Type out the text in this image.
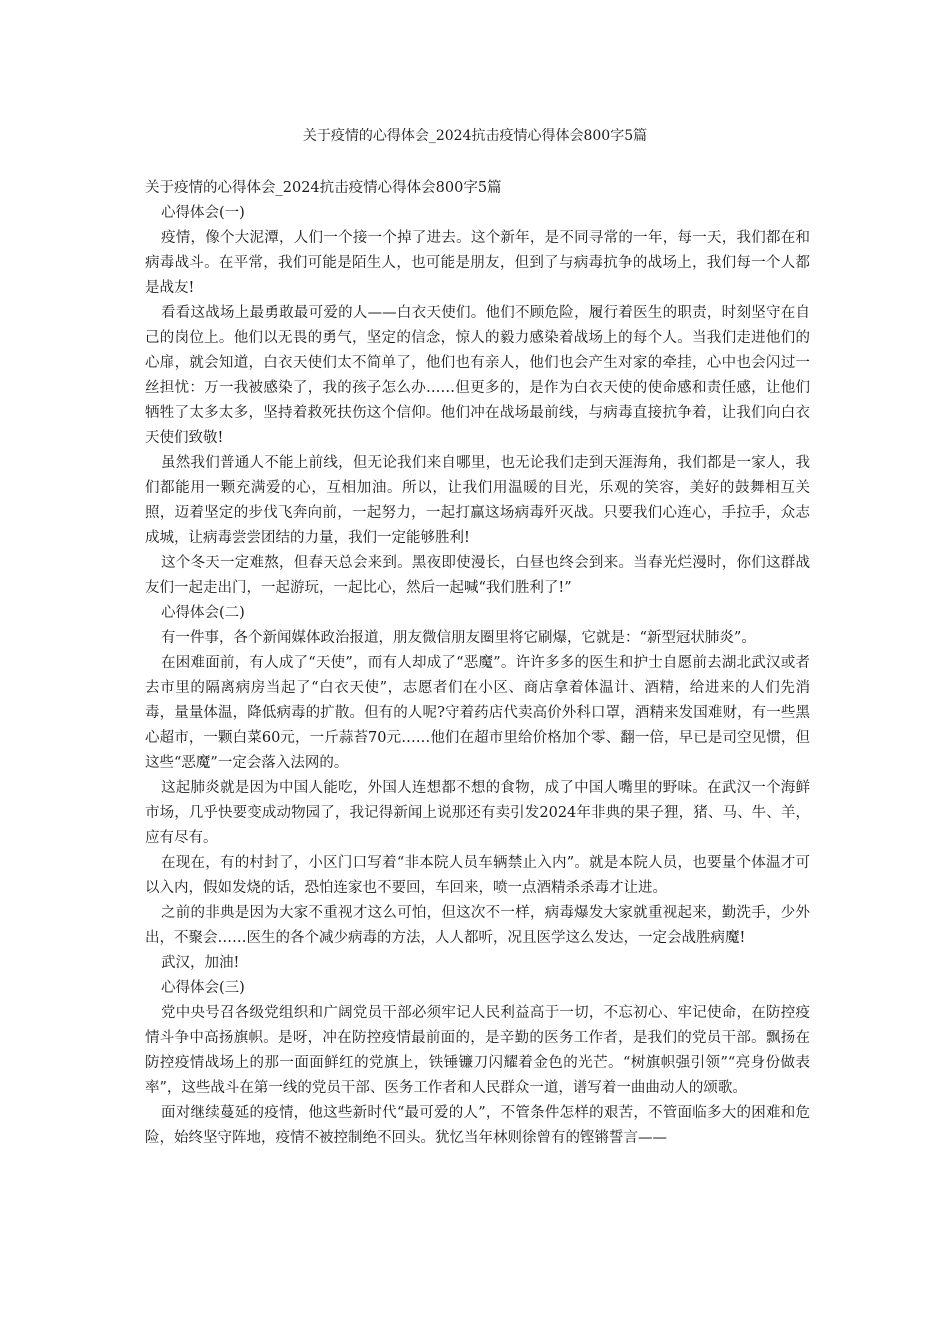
关于疫情的心得体会_2024抗击疫情心得体会800字5篇

关于疫情的心得体会_2024抗击疫情心得体会800字5篇

心得体会(一)

疫情，像个大泥潭，人们一个接一个掉了进去。这个新年，是不同寻常的一年，每一天，我们都在和病毒战斗。在平常，我们可能是陌生人，也可能是朋友，但到了与病毒抗争的战场上，我们每一个人都是战友!

看看这战场上最勇敢最可爱的人——白衣天使们。他们不顾危险，履行着医生的职责，时刻坚守在自己的岗位上。他们以无畏的勇气，坚定的信念，惊人的毅力感染着战场上的每个人。当我们走进他们的心扉，就会知道，白衣天使们太不简单了，他们也有亲人，他们也会产生对家的牵挂，心中也会闪过一丝担忧：万一我被感染了，我的孩子怎么办……但更多的，是作为白衣天使的使命感和责任感，让他们牺牲了太多太多，坚持着救死扶伤这个信仰。他们冲在战场最前线，与病毒直接抗争着，让我们向白衣天使们致敬!

虽然我们普通人不能上前线，但无论我们来自哪里，也无论我们走到天涯海角，我们都是一家人，我们都能用一颗充满爱的心，互相加油。所以，让我们用温暖的目光，乐观的笑容，美好的鼓舞相互关照，迈着坚定的步伐飞奔向前，一起努力，一起打赢这场病毒歼灭战。只要我们心连心，手拉手，众志成城，让病毒尝尝团结的力量，我们一定能够胜利!

这个冬天一定难熬，但春天总会来到。黑夜即使漫长，白昼也终会到来。当春光烂漫时，你们这群战友们一起走出门，一起游玩，一起比心，然后一起喊“我们胜利了!”

心得体会(二)

有一件事，各个新闻媒体政治报道，朋友微信朋友圈里将它刷爆，它就是：“新型冠状肺炎”。

在困难面前，有人成了“天使”，而有人却成了“恶魔”。许许多多的医生和护士自愿前去湖北武汉或者去市里的隔离病房当起了“白衣天使”，志愿者们在小区、商店拿着体温计、酒精，给进来的人们先消毒，量量体温，降低病毒的扩散。但有的人呢?守着药店代卖高价外科口罩，酒精来发国难财，有一些黑心超市，一颗白菜60元，一斤蒜苔70元……他们在超市里给价格加个零、翻一倍，早已是司空见惯，但这些“恶魔”一定会落入法网的。

这起肺炎就是因为中国人能吃，外国人连想都不想的食物，成了中国人嘴里的野味。在武汉一个海鲜市场，几乎快要变成动物园了，我记得新闻上说那还有卖引发2024年非典的果子狸，猪、马、牛、羊，应有尽有。

在现在，有的村封了，小区门口写着“非本院人员车辆禁止入内”。就是本院人员，也要量个体温才可以入内，假如发烧的话，恐怕连家也不要回，车回来，喷一点酒精杀杀毒才让进。

之前的非典是因为大家不重视才这么可怕，但这次不一样，病毒爆发大家就重视起来，勤洗手，少外出，不聚会……医生的各个减少病毒的方法，人人都听，况且医学这么发达，一定会战胜病魔!

武汉，加油!

心得体会(三)

党中央号召各级党组织和广阔党员干部必须牢记人民利益高于一切，不忘初心、牢记使命，在防控疫情斗争中高扬旗帜。是呀，冲在防控疫情最前面的，是辛勤的医务工作者，是我们的党员干部。飘扬在防控疫情战场上的那一面面鲜红的党旗上，铁锤镰刀闪耀着金色的光芒。“树旗帜强引领”“亮身份做表率”，这些战斗在第一线的党员干部、医务工作者和人民群众一道，谱写着一曲曲动人的颂歌。

面对继续蔓延的疫情，他这些新时代“最可爱的人”，不管条件怎样的艰苦，不管面临多大的困难和危险，始终坚守阵地，疫情不被控制绝不回头。犹忆当年林则徐曾有的铿锵誓言——
